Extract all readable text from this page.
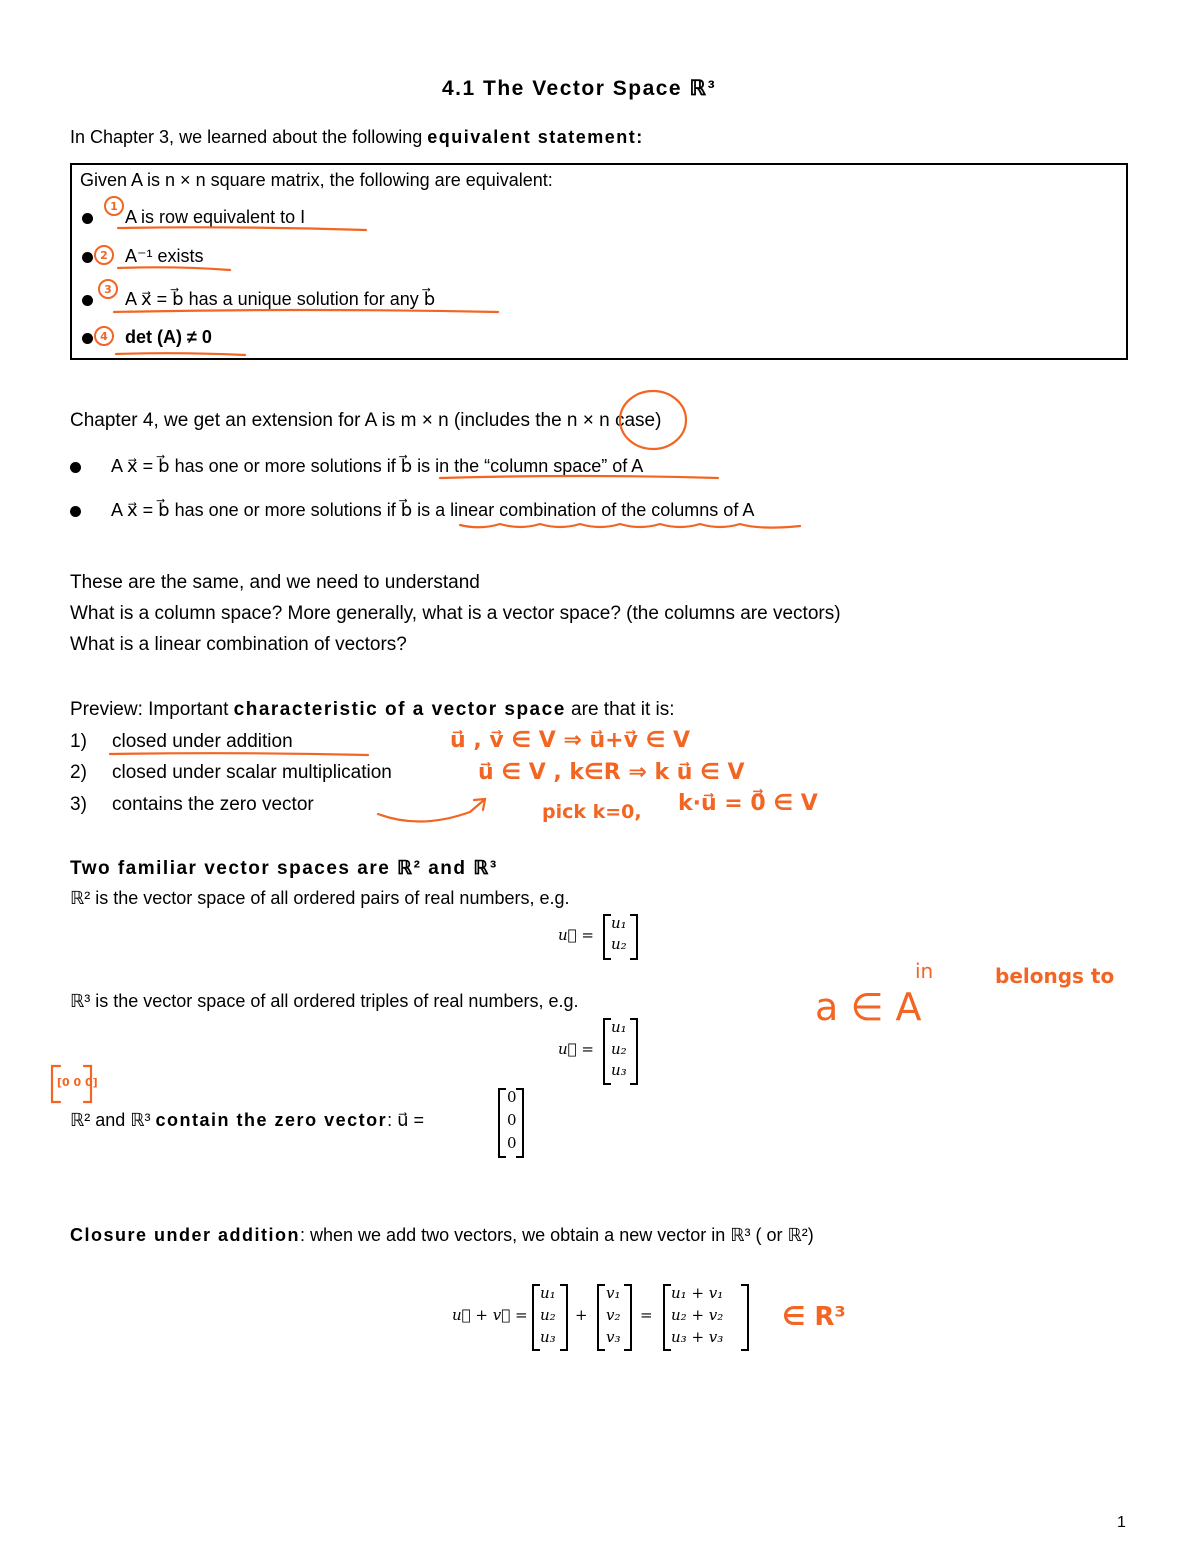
4.1 The Vector Space ℝ³
In Chapter 3, we learned about the following equivalent statement:
Given A is n × n square matrix, the following are equivalent:
A is row equivalent to I
A⁻¹ exists
A x⃗ = b⃗ has a unique solution for any b⃗
det (A) ≠ 0
Chapter 4, we get an extension for A is m × n (includes the n × n case)
A x⃗ = b⃗ has one or more solutions if b⃗ is in the “column space” of A
A x⃗ = b⃗ has one or more solutions if b⃗ is a linear combination of the columns of A
These are the same, and we need to understand
What is a column space? More generally, what is a vector space? (the columns are vectors)
What is a linear combination of vectors?
Preview: Important characteristic of a vector space are that it is:
1) closed under addition
2) closed under scalar multiplication
3) contains the zero vector
Two familiar vector spaces are ℝ² and ℝ³
ℝ² is the vector space of all ordered pairs of real numbers, e.g.
u⃗ =
u₁
u₂
ℝ³ is the vector space of all ordered triples of real numbers, e.g.
u⃗ =
u₁
u₂
u₃
ℝ² and ℝ³ contain the zero vector: u⃗ =
0
0
0
Closure under addition: when we add two vectors, we obtain a new vector in ℝ³ ( or ℝ²)
u⃗ + v⃗ =
u₁
u₂
u₃
+
v₁
v₂
v₃
=
u₁ + v₁
u₂ + v₂
u₃ + v₃
1
1
2
3
4
u⃗ , v⃗ ∈ V ⇒ u⃗+v⃗ ∈ V
u⃗ ∈ V , k∈R ⇒ k u⃗ ∈ V
pick k=0, k·u⃗ = 0⃗ ∈ V
a ∈ A
in	belongs to
∈ R³
[0 0 0]
